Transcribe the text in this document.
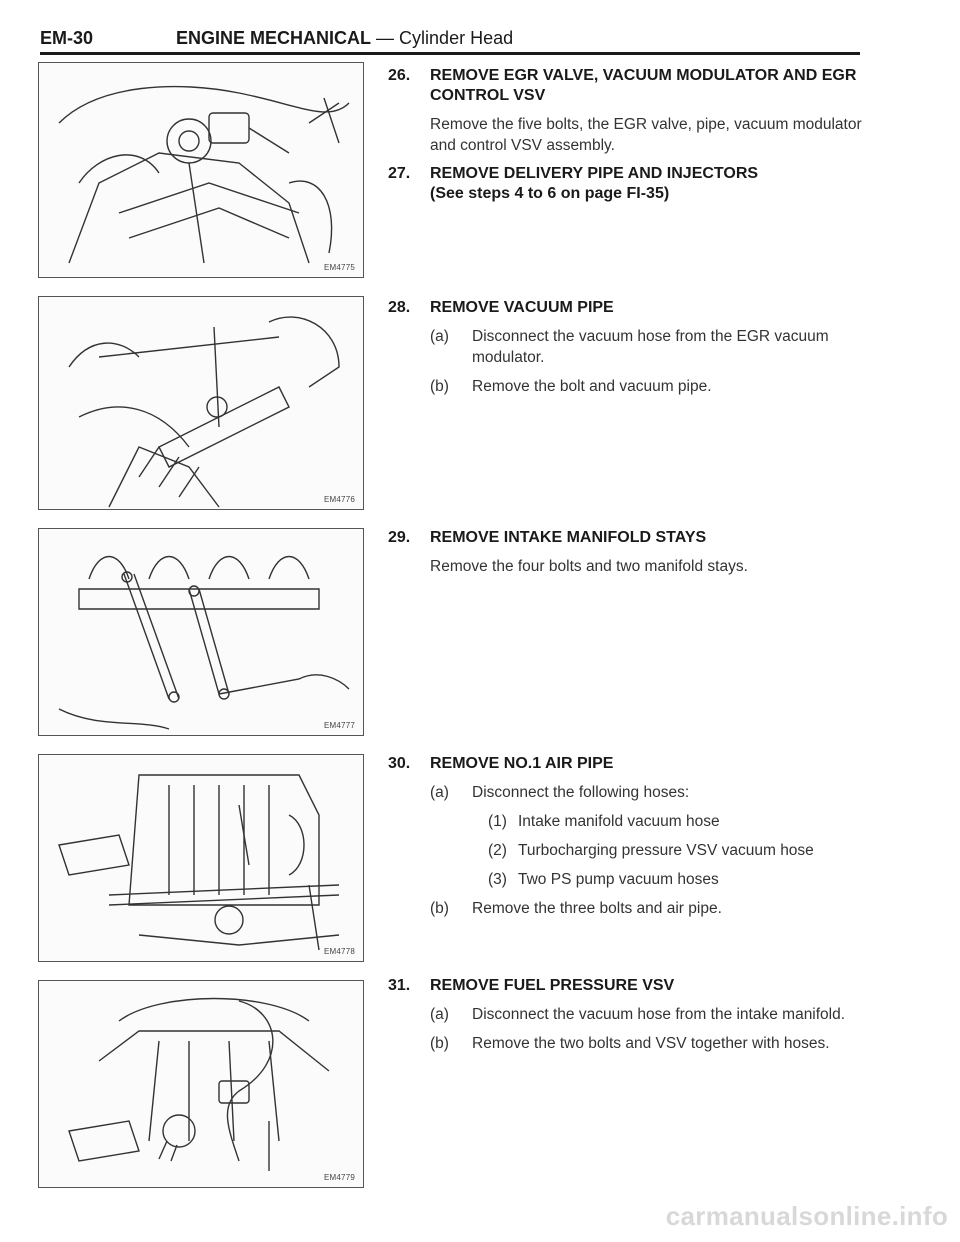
EM-30	ENGINE MECHANICAL — Cylinder Head
EM4775
EM4776
EM4777
EM4778
EM4779
26. REMOVE EGR VALVE, VACUUM MODULATOR AND EGR CONTROL VSV
Remove the five bolts, the EGR valve, pipe, vacuum modulator and control VSV assembly.
27. REMOVE DELIVERY PIPE AND INJECTORS
(See steps 4 to 6 on page FI-35)
28. REMOVE VACUUM PIPE
(a) Disconnect the vacuum hose from the EGR vacuum modulator.
(b) Remove the bolt and vacuum pipe.
29. REMOVE INTAKE MANIFOLD STAYS
Remove the four bolts and two manifold stays.
30. REMOVE NO.1 AIR PIPE
(a) Disconnect the following hoses:
(1) Intake manifold vacuum hose
(2) Turbocharging pressure VSV vacuum hose
(3) Two PS pump vacuum hoses
(b) Remove the three bolts and air pipe.
31. REMOVE FUEL PRESSURE VSV
(a) Disconnect the vacuum hose from the intake manifold.
(b) Remove the two bolts and VSV together with hoses.
carmanualsonline.info
